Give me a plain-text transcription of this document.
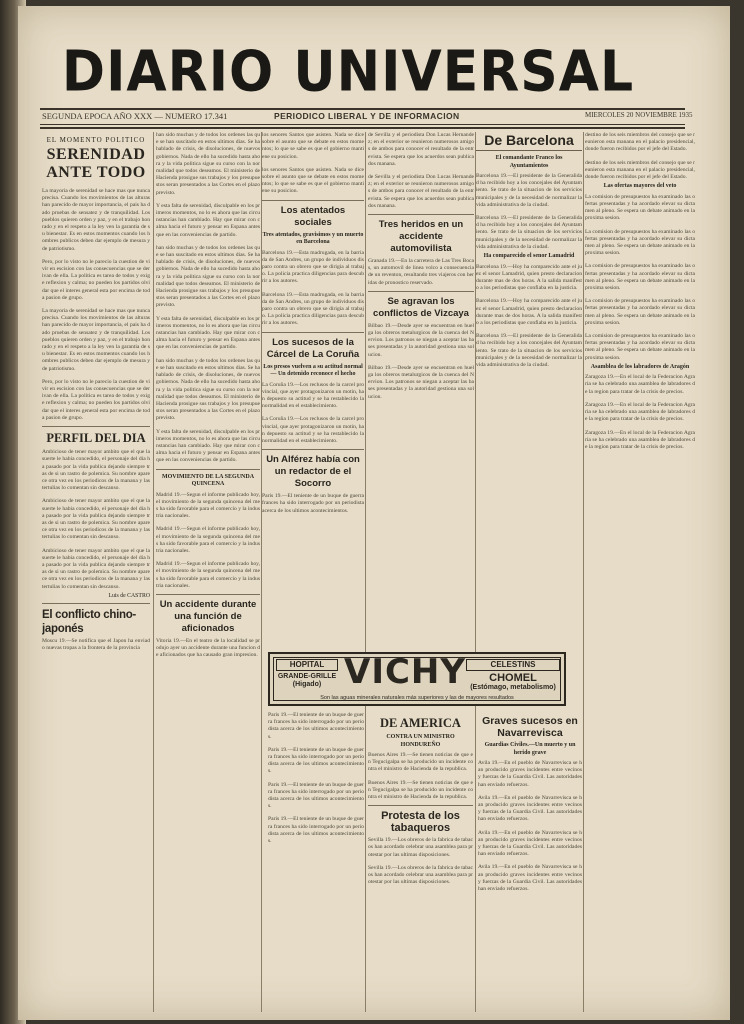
DIARIO UNIVERSAL
SEGUNDA EPOCA AÑO XXX — NUMERO 17.341	PERIODICO LIBERAL Y DE INFORMACION	MIERCOLES 20 NOVIEMBRE 1935
EL MOMENTO POLITICO
SERENIDAD ANTE TODO
La mayoria de serenidad se hace mas que nunca precisa. Cuando los movimientos de las alturas han parecido de mayor importancia, el pais ha dado pruebas de sensatez y de tranquilidad. Los pueblos quieren orden y paz, y en el trabajo honrado y en el respeto a la ley ven la garantia de su bienestar. Es en estos momentos cuando los hombres publicos deben dar ejemplo de mesura y de patriotismo.
Pero, por lo visto no le parecio la cuestion de vivir en escision con las consecuencias que se derivan de ella. La politica es tarea de todos y exige reflexion y calma; no pueden los partidos olvidar que el interes general esta por encima de toda pasion de grupo.
La mayoria de serenidad se hace mas que nunca precisa. Cuando los movimientos de las alturas han parecido de mayor importancia, el pais ha dado pruebas de sensatez y de tranquilidad. Los pueblos quieren orden y paz, y en el trabajo honrado y en el respeto a la ley ven la garantia de su bienestar. Es en estos momentos cuando los hombres publicos deben dar ejemplo de mesura y de patriotismo.
Pero, por lo visto no le parecio la cuestion de vivir en escision con las consecuencias que se derivan de ella. La politica es tarea de todos y exige reflexion y calma; no pueden los partidos olvidar que el interes general esta por encima de toda pasion de grupo.
PERFIL DEL DIA
Ambicioso de tener mayor ambito que el que la suerte le habia concedido, el personaje del dia ha pasado por la vida publica dejando siempre tras de si un rastro de polemica. Su nombre aparece otra vez en los periodicos de la manana y las tertulias lo comentan sin descanso.
Ambicioso de tener mayor ambito que el que la suerte le habia concedido, el personaje del dia ha pasado por la vida publica dejando siempre tras de si un rastro de polemica. Su nombre aparece otra vez en los periodicos de la manana y las tertulias lo comentan sin descanso.
Ambicioso de tener mayor ambito que el que la suerte le habia concedido, el personaje del dia ha pasado por la vida publica dejando siempre tras de si un rastro de polemica. Su nombre aparece otra vez en los periodicos de la manana y las tertulias lo comentan sin descanso.
Luis de CASTRO
El conflicto chino-japonés
Moscu 19.—Se notifica que el Japon ha enviado nuevas tropas a la frontera de la provincia
han sido muchas y de todos los ordenes las que se han suscitado en estos ultimos dias. Se ha hablado de crisis, de disoluciones, de nuevos gobiernos. Nada de ello ha sucedido hasta ahora y la vida politica sigue su curso con la normalidad que todos deseamos. El ministerio de Hacienda prosigue sus trabajos y los presupuestos seran presentados a las Cortes en el plazo previsto.
Y esta falta de serenidad, disculpable en los primeros momentos, no lo es ahora que las circunstancias han cambiado. Hay que mirar con calma hacia el futuro y pensar en Espana antes que en las conveniencias de partido.
han sido muchas y de todos los ordenes las que se han suscitado en estos ultimos dias. Se ha hablado de crisis, de disoluciones, de nuevos gobiernos. Nada de ello ha sucedido hasta ahora y la vida politica sigue su curso con la normalidad que todos deseamos. El ministerio de Hacienda prosigue sus trabajos y los presupuestos seran presentados a las Cortes en el plazo previsto.
Y esta falta de serenidad, disculpable en los primeros momentos, no lo es ahora que las circunstancias han cambiado. Hay que mirar con calma hacia el futuro y pensar en Espana antes que en las conveniencias de partido.
han sido muchas y de todos los ordenes las que se han suscitado en estos ultimos dias. Se ha hablado de crisis, de disoluciones, de nuevos gobiernos. Nada de ello ha sucedido hasta ahora y la vida politica sigue su curso con la normalidad que todos deseamos. El ministerio de Hacienda prosigue sus trabajos y los presupuestos seran presentados a las Cortes en el plazo previsto.
Y esta falta de serenidad, disculpable en los primeros momentos, no lo es ahora que las circunstancias han cambiado. Hay que mirar con calma hacia el futuro y pensar en Espana antes que en las conveniencias de partido.
MOVIMIENTO DE LA SEGUNDA QUINCENA
Madrid 19.—Segun el informe publicado hoy, el movimiento de la segunda quincena del mes ha sido favorable para el comercio y la industria nacionales.
Madrid 19.—Segun el informe publicado hoy, el movimiento de la segunda quincena del mes ha sido favorable para el comercio y la industria nacionales.
Madrid 19.—Segun el informe publicado hoy, el movimiento de la segunda quincena del mes ha sido favorable para el comercio y la industria nacionales.
Un accidente durante una función de aficionados
Vitoria 19.—En el teatro de la localidad se produjo ayer un accidente durante una funcion de aficionados que ha causado gran impresion.
los senores Santos que asisten. Nada se dice sobre el asunto que se debate en estos momentos; lo que se sabe es que el gobierno mantiene su posicion.
los senores Santos que asisten. Nada se dice sobre el asunto que se debate en estos momentos; lo que se sabe es que el gobierno mantiene su posicion.
Los atentados sociales
Tres atentados, gravisimos y un muerto en Barcelona
Barcelona 19.—Esta madrugada, en la barriada de San Andres, un grupo de individuos disparo contra un obrero que se dirigia al trabajo. La policia practica diligencias para descubrir a los autores.
Barcelona 19.—Esta madrugada, en la barriada de San Andres, un grupo de individuos disparo contra un obrero que se dirigia al trabajo. La policia practica diligencias para descubrir a los autores.
Los sucesos de la Cárcel de La Coruña
Los presos vuelven a su actitud normal — Un detenido reconoce el hecho
La Coruña 19.—Los reclusos de la carcel provincial, que ayer protagonizaron un motin, han depuesto su actitud y se ha restablecido la normalidad en el establecimiento.
La Coruña 19.—Los reclusos de la carcel provincial, que ayer protagonizaron un motin, han depuesto su actitud y se ha restablecido la normalidad en el establecimiento.
Un Alférez había con un redactor de el Socorro
Paris 19.—El teniente de un buque de guerra frances ha sido interrogado por un periodista acerca de los ultimos acontecimientos.
de Sevilla y el periodista Don Lucas Hernandez; en el exterior se reunieron numerosos amigos de ambos para conocer el resultado de la entrevista. Se espera que los acuerdos sean publicados manana.
de Sevilla y el periodista Don Lucas Hernandez; en el exterior se reunieron numerosos amigos de ambos para conocer el resultado de la entrevista. Se espera que los acuerdos sean publicados manana.
Tres heridos en un accidente automovilista
Granada 19.—En la carretera de Las Tres Bocas, un automovil de linea volco a consecuencia de un reventon, resultando tres viajeros con heridas de pronostico reservado.
Se agravan los conflictos de Vizcaya
Bilbao 19.—Desde ayer se encuentran en huelga los obreros metalurgicos de la cuenca del Nervion. Los patronos se niegan a aceptar las bases presentadas y la autoridad gestiona una solucion.
Bilbao 19.—Desde ayer se encuentran en huelga los obreros metalurgicos de la cuenca del Nervion. Los patronos se niegan a aceptar las bases presentadas y la autoridad gestiona una solucion.
De Barcelona
El comandante Franco los Ayuntamientos
Barcelona 19.—El presidente de la Generalidad ha recibido hoy a los concejales del Ayuntamiento. Se trato de la situacion de los servicios municipales y de la necesidad de normalizar la vida administrativa de la ciudad.
Barcelona 19.—El presidente de la Generalidad ha recibido hoy a los concejales del Ayuntamiento. Se trato de la situacion de los servicios municipales y de la necesidad de normalizar la vida administrativa de la ciudad.
Ha comparecido el senor Lamadrid
Barcelona 19.—Hoy ha comparecido ante el juez el senor Lamadrid, quien presto declaracion durante mas de dos horas. A la salida manifesto a los periodistas que confiaba en la justicia.
Barcelona 19.—Hoy ha comparecido ante el juez el senor Lamadrid, quien presto declaracion durante mas de dos horas. A la salida manifesto a los periodistas que confiaba en la justicia.
Barcelona 19.—El presidente de la Generalidad ha recibido hoy a los concejales del Ayuntamiento. Se trato de la situacion de los servicios municipales y de la necesidad de normalizar la vida administrativa de la ciudad.
destino de los seis miembros del consejo que se reunieron esta manana en el palacio presidencial, donde fueron recibidos por el jefe del Estado.
destino de los seis miembros del consejo que se reunieron esta manana en el palacio presidencial, donde fueron recibidos por el jefe del Estado.
Las ofertas mayores del veto
La comision de presupuestos ha examinado las ofertas presentadas y ha acordado elevar su dictamen al pleno. Se espera un debate animado en la proxima sesion.
La comision de presupuestos ha examinado las ofertas presentadas y ha acordado elevar su dictamen al pleno. Se espera un debate animado en la proxima sesion.
La comision de presupuestos ha examinado las ofertas presentadas y ha acordado elevar su dictamen al pleno. Se espera un debate animado en la proxima sesion.
La comision de presupuestos ha examinado las ofertas presentadas y ha acordado elevar su dictamen al pleno. Se espera un debate animado en la proxima sesion.
La comision de presupuestos ha examinado las ofertas presentadas y ha acordado elevar su dictamen al pleno. Se espera un debate animado en la proxima sesion.
Asamblea de los labradores de Aragón
Zaragoza 19.—En el local de la Federacion Agraria se ha celebrado una asamblea de labradores de la region para tratar de la crisis de precios.
Zaragoza 19.—En el local de la Federacion Agraria se ha celebrado una asamblea de labradores de la region para tratar de la crisis de precios.
Zaragoza 19.—En el local de la Federacion Agraria se ha celebrado una asamblea de labradores de la region para tratar de la crisis de precios.
HOPITAL
GRANDE-GRILLE
(Higado) VICHY	CELESTINS
CHOMEL
(Estómago, metabolismo)
Son las aguas minerales naturales más superiores y las de mayores resultados
Paris 19.—El teniente de un buque de guerra frances ha sido interrogado por un periodista acerca de los ultimos acontecimientos.
Paris 19.—El teniente de un buque de guerra frances ha sido interrogado por un periodista acerca de los ultimos acontecimientos.
Paris 19.—El teniente de un buque de guerra frances ha sido interrogado por un periodista acerca de los ultimos acontecimientos.
Paris 19.—El teniente de un buque de guerra frances ha sido interrogado por un periodista acerca de los ultimos acontecimientos.
DE AMERICA
CONTRA UN MINISTRO HONDUREÑO
Buenos Aires 19.—Se tienen noticias de que en Tegucigalpa se ha producido un incidente contra el ministro de Hacienda de la republica.
Buenos Aires 19.—Se tienen noticias de que en Tegucigalpa se ha producido un incidente contra el ministro de Hacienda de la republica.
Protesta de los tabaqueros
Sevilla 19.—Los obreros de la fabrica de tabacos han acordado celebrar una asamblea para protestar por las ultimas disposiciones.
Sevilla 19.—Los obreros de la fabrica de tabacos han acordado celebrar una asamblea para protestar por las ultimas disposiciones.
Graves sucesos en Navarrevisca
Guardias Civiles.—Un muerto y un herido grave
Avila 19.—En el pueblo de Navarrevisca se han producido graves incidentes entre vecinos y fuerzas de la Guardia Civil. Las autoridades han enviado refuerzos.
Avila 19.—En el pueblo de Navarrevisca se han producido graves incidentes entre vecinos y fuerzas de la Guardia Civil. Las autoridades han enviado refuerzos.
Avila 19.—En el pueblo de Navarrevisca se han producido graves incidentes entre vecinos y fuerzas de la Guardia Civil. Las autoridades han enviado refuerzos.
Avila 19.—En el pueblo de Navarrevisca se han producido graves incidentes entre vecinos y fuerzas de la Guardia Civil. Las autoridades han enviado refuerzos.
